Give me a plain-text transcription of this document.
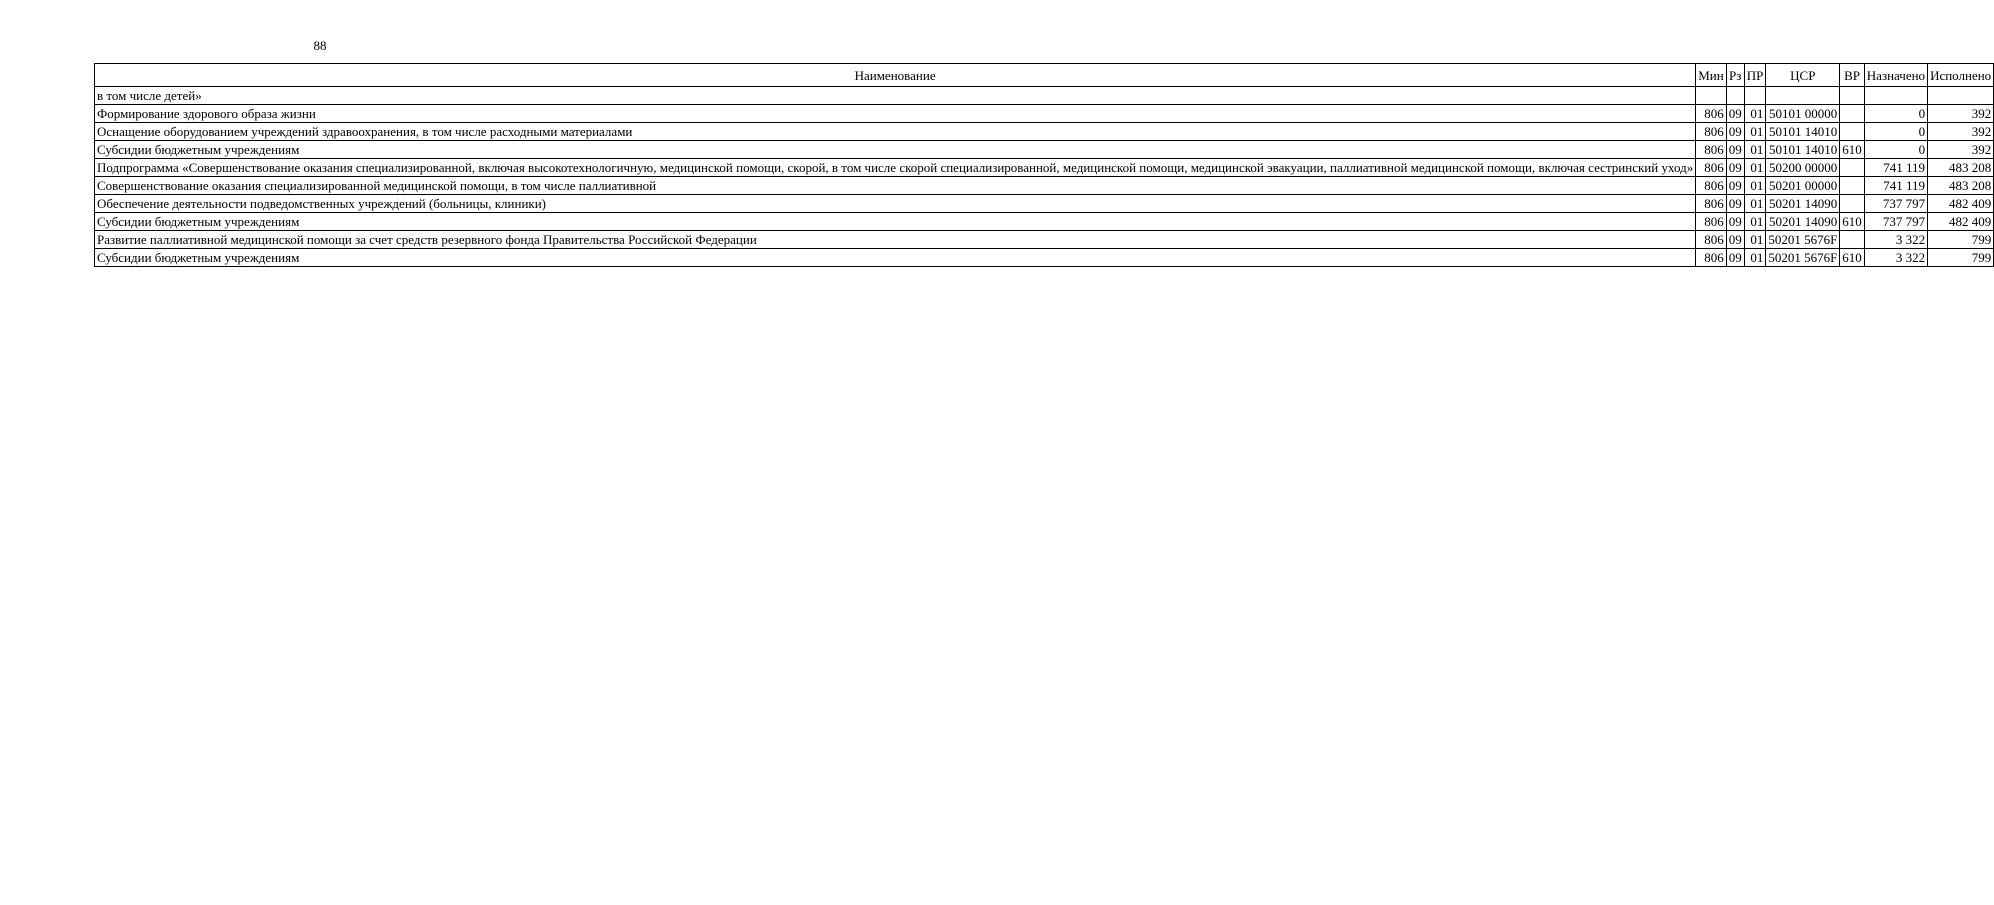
88
Наименование	Мин	Рз	ПР	ЦСР	ВР	Назначено	Исполнено
в том числе детей»							
Формирование здорового образа жизни	806	09	01	50101 00000		0	392
Оснащение оборудованием учреждений здравоохранения, в том числе расходными материалами	806	09	01	50101 14010		0	392
Субсидии бюджетным учреждениям	806	09	01	50101 14010	610	0	392
Подпрограмма «Совершенствование оказания специализированной, включая высокотехнологичную, медицинской помощи, скорой, в том числе скорой специализированной, медицинской помощи, медицинской эвакуации, паллиативной медицинской помощи, включая сестринский уход»	806	09	01	50200 00000		741 119	483 208
Совершенствование оказания специализированной медицинской помощи, в том числе паллиативной	806	09	01	50201 00000		741 119	483 208
Обеспечение деятельности подведомственных учреждений (больницы, клиники)	806	09	01	50201 14090		737 797	482 409
Субсидии бюджетным учреждениям	806	09	01	50201 14090	610	737 797	482 409
Развитие паллиативной медицинской помощи за счет средств резервного фонда Правительства Российской Федерации	806	09	01	50201 5676F		3 322	799
Субсидии бюджетным учреждениям	806	09	01	50201 5676F	610	3 322	799
